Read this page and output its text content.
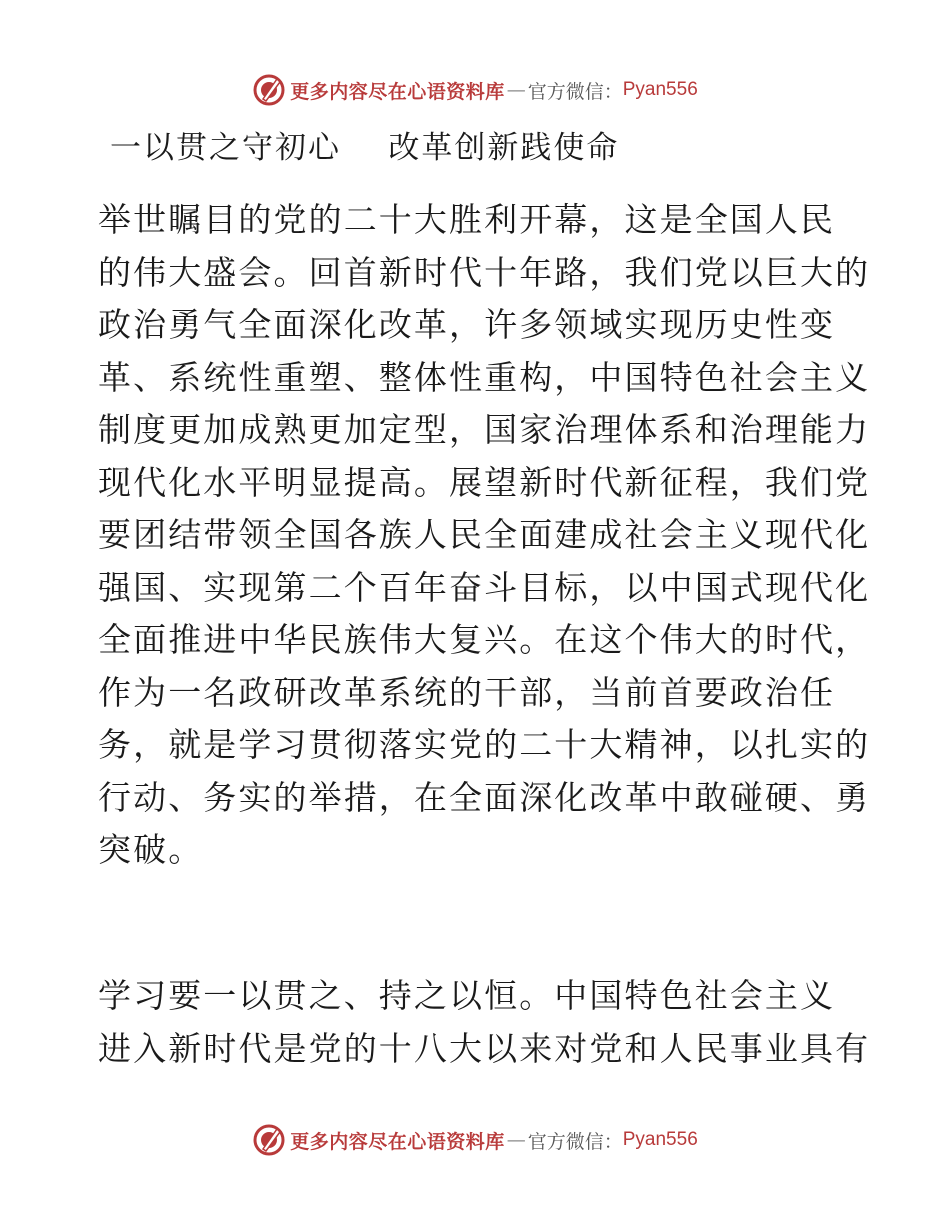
更多内容尽在心语资料库 — 官方微信： Pyan556
一以贯之守初心    改革创新践使命
举世瞩目的党的二十大胜利开幕，这是全国人民
的伟大盛会。回首新时代十年路，我们党以巨大的
政治勇气全面深化改革，许多领域实现历史性变
革、系统性重塑、整体性重构，中国特色社会主义
制度更加成熟更加定型，国家治理体系和治理能力
现代化水平明显提高。展望新时代新征程，我们党
要团结带领全国各族人民全面建成社会主义现代化
强国、实现第二个百年奋斗目标，以中国式现代化
全面推进中华民族伟大复兴。在这个伟大的时代，
作为一名政研改革系统的干部，当前首要政治任
务，就是学习贯彻落实党的二十大精神，以扎实的
行动、务实的举措，在全面深化改革中敢碰硬、勇
突破。
学习要一以贯之、持之以恒。中国特色社会主义
进入新时代是党的十八大以来对党和人民事业具有
更多内容尽在心语资料库 — 官方微信： Pyan556
